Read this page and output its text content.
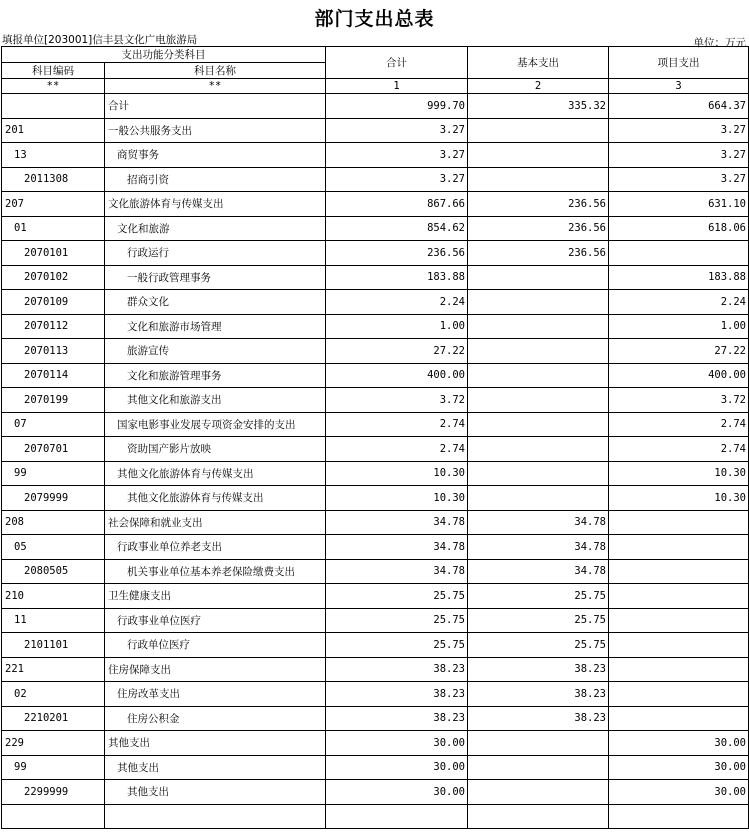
部门支出总表
填报单位[203001]信丰县文化广电旅游局	单位：万元
支出功能分类科目		合计	基本支出	项目支出
科目编码	科目名称			
**	**	1	2	3
	合计	999.70	335.32	664.37
201	一般公共服务支出	3.27		3.27
13	商贸事务	3.27		3.27
2011308	招商引资	3.27		3.27
207	文化旅游体育与传媒支出	867.66	236.56	631.10
01	文化和旅游	854.62	236.56	618.06
2070101	行政运行	236.56	236.56	
2070102	一般行政管理事务	183.88		183.88
2070109	群众文化	2.24		2.24
2070112	文化和旅游市场管理	1.00		1.00
2070113	旅游宣传	27.22		27.22
2070114	文化和旅游管理事务	400.00		400.00
2070199	其他文化和旅游支出	3.72		3.72
07	国家电影事业发展专项资金安排的支出	2.74		2.74
2070701	资助国产影片放映	2.74		2.74
99	其他文化旅游体育与传媒支出	10.30		10.30
2079999	其他文化旅游体育与传媒支出	10.30		10.30
208	社会保障和就业支出	34.78	34.78	
05	行政事业单位养老支出	34.78	34.78	
2080505	机关事业单位基本养老保险缴费支出	34.78	34.78	
210	卫生健康支出	25.75	25.75	
11	行政事业单位医疗	25.75	25.75	
2101101	行政单位医疗	25.75	25.75	
221	住房保障支出	38.23	38.23	
02	住房改革支出	38.23	38.23	
2210201	住房公积金	38.23	38.23	
229	其他支出	30.00		30.00
99	其他支出	30.00		30.00
2299999	其他支出	30.00		30.00
